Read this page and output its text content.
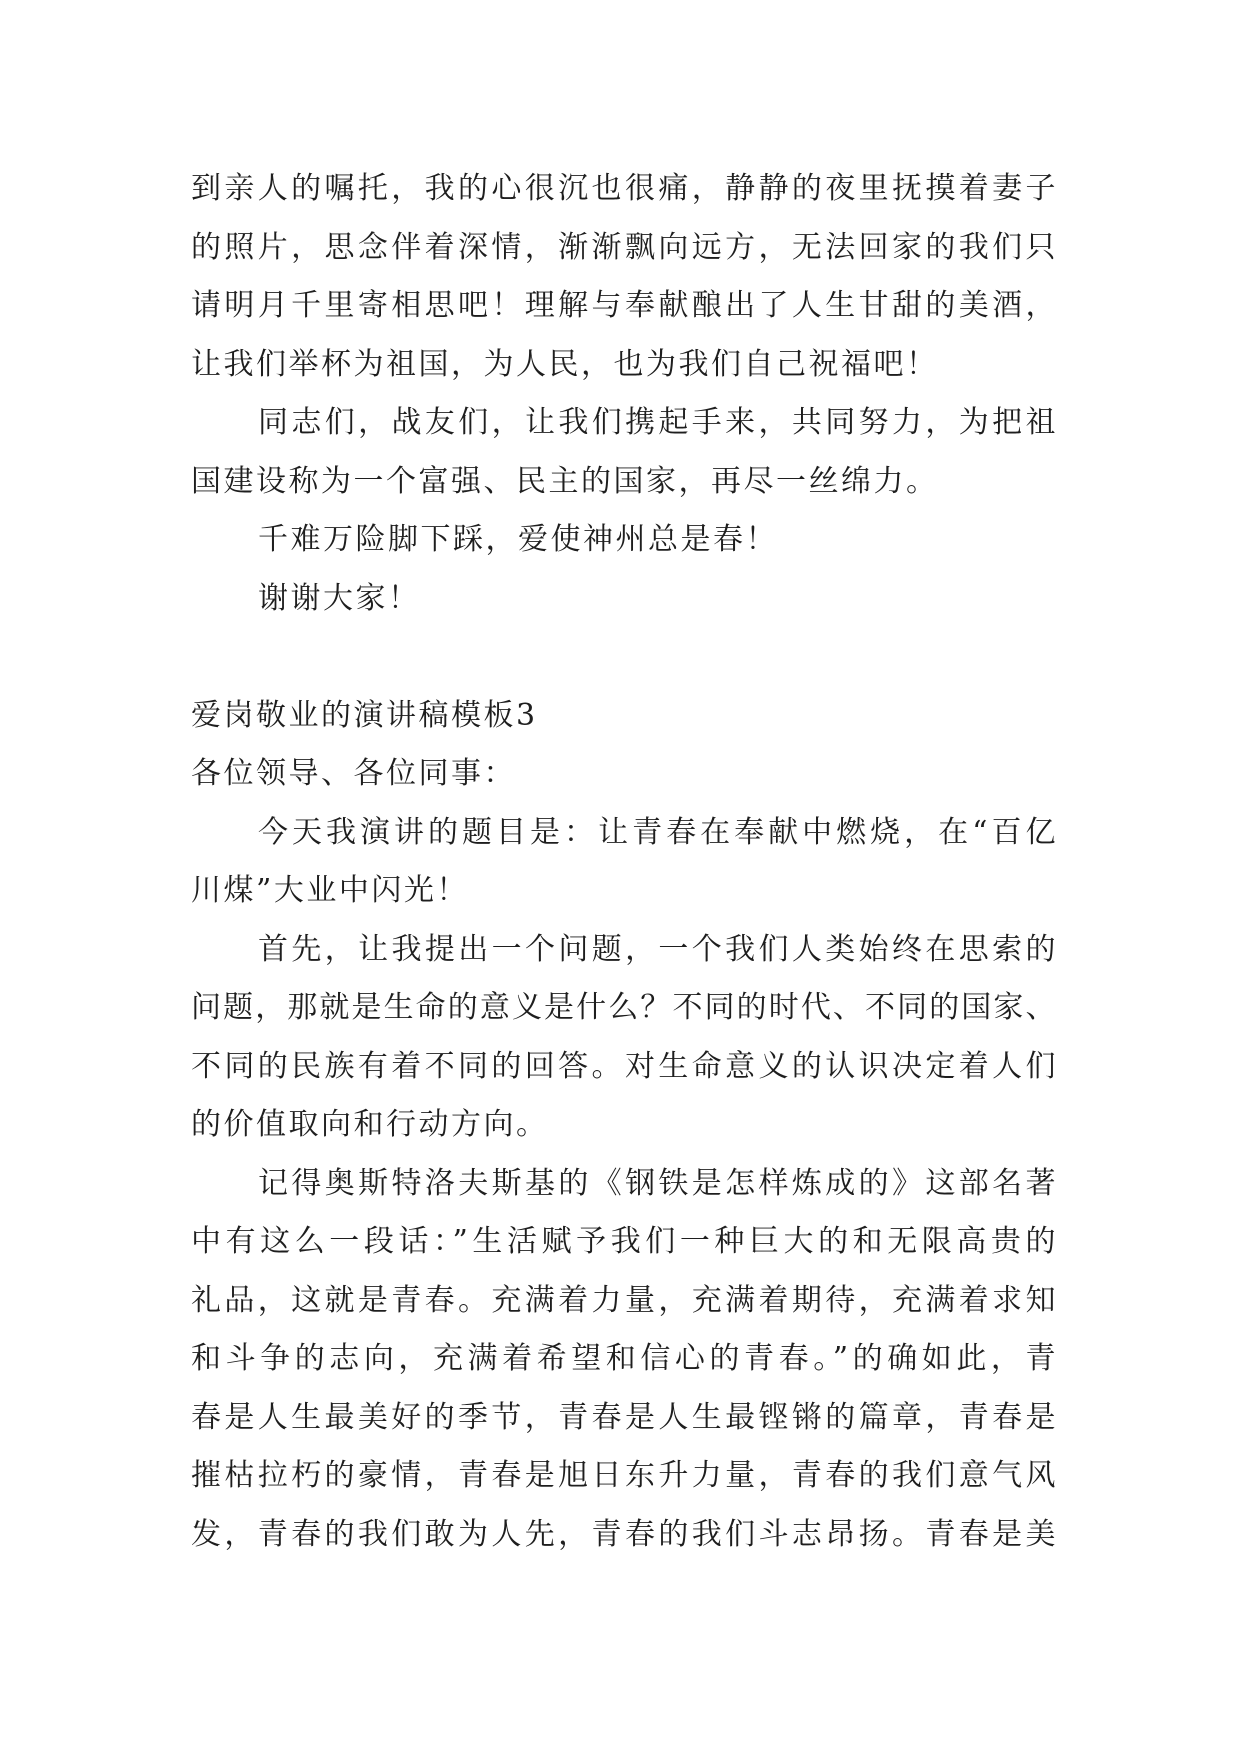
到亲人的嘱托，我的心很沉也很痛，静静的夜里抚摸着妻子
的照片，思念伴着深情，渐渐飘向远方，无法回家的我们只
请明月千里寄相思吧！理解与奉献酿出了人生甘甜的美酒，
让我们举杯为祖国，为人民，也为我们自己祝福吧！
同志们，战友们，让我们携起手来，共同努力，为把祖
国建设称为一个富强、民主的国家，再尽一丝绵力。
千难万险脚下踩，爱使神州总是春！
谢谢大家！
爱岗敬业的演讲稿模板3
各位领导、各位同事：
今天我演讲的题目是：让青春在奉献中燃烧，在“百亿
川煤”大业中闪光！
首先，让我提出一个问题，一个我们人类始终在思索的
问题，那就是生命的意义是什么？不同的时代、不同的国家、
不同的民族有着不同的回答。对生命意义的认识决定着人们
的价值取向和行动方向。
记得奥斯特洛夫斯基的《钢铁是怎样炼成的》这部名著
中有这么一段话：”生活赋予我们一种巨大的和无限高贵的
礼品，这就是青春。充满着力量，充满着期待，充满着求知
和斗争的志向，充满着希望和信心的青春。”的确如此，青
春是人生最美好的季节，青春是人生最铿锵的篇章，青春是
摧枯拉朽的豪情，青春是旭日东升力量，青春的我们意气风
发，青春的我们敢为人先，青春的我们斗志昂扬。青春是美
